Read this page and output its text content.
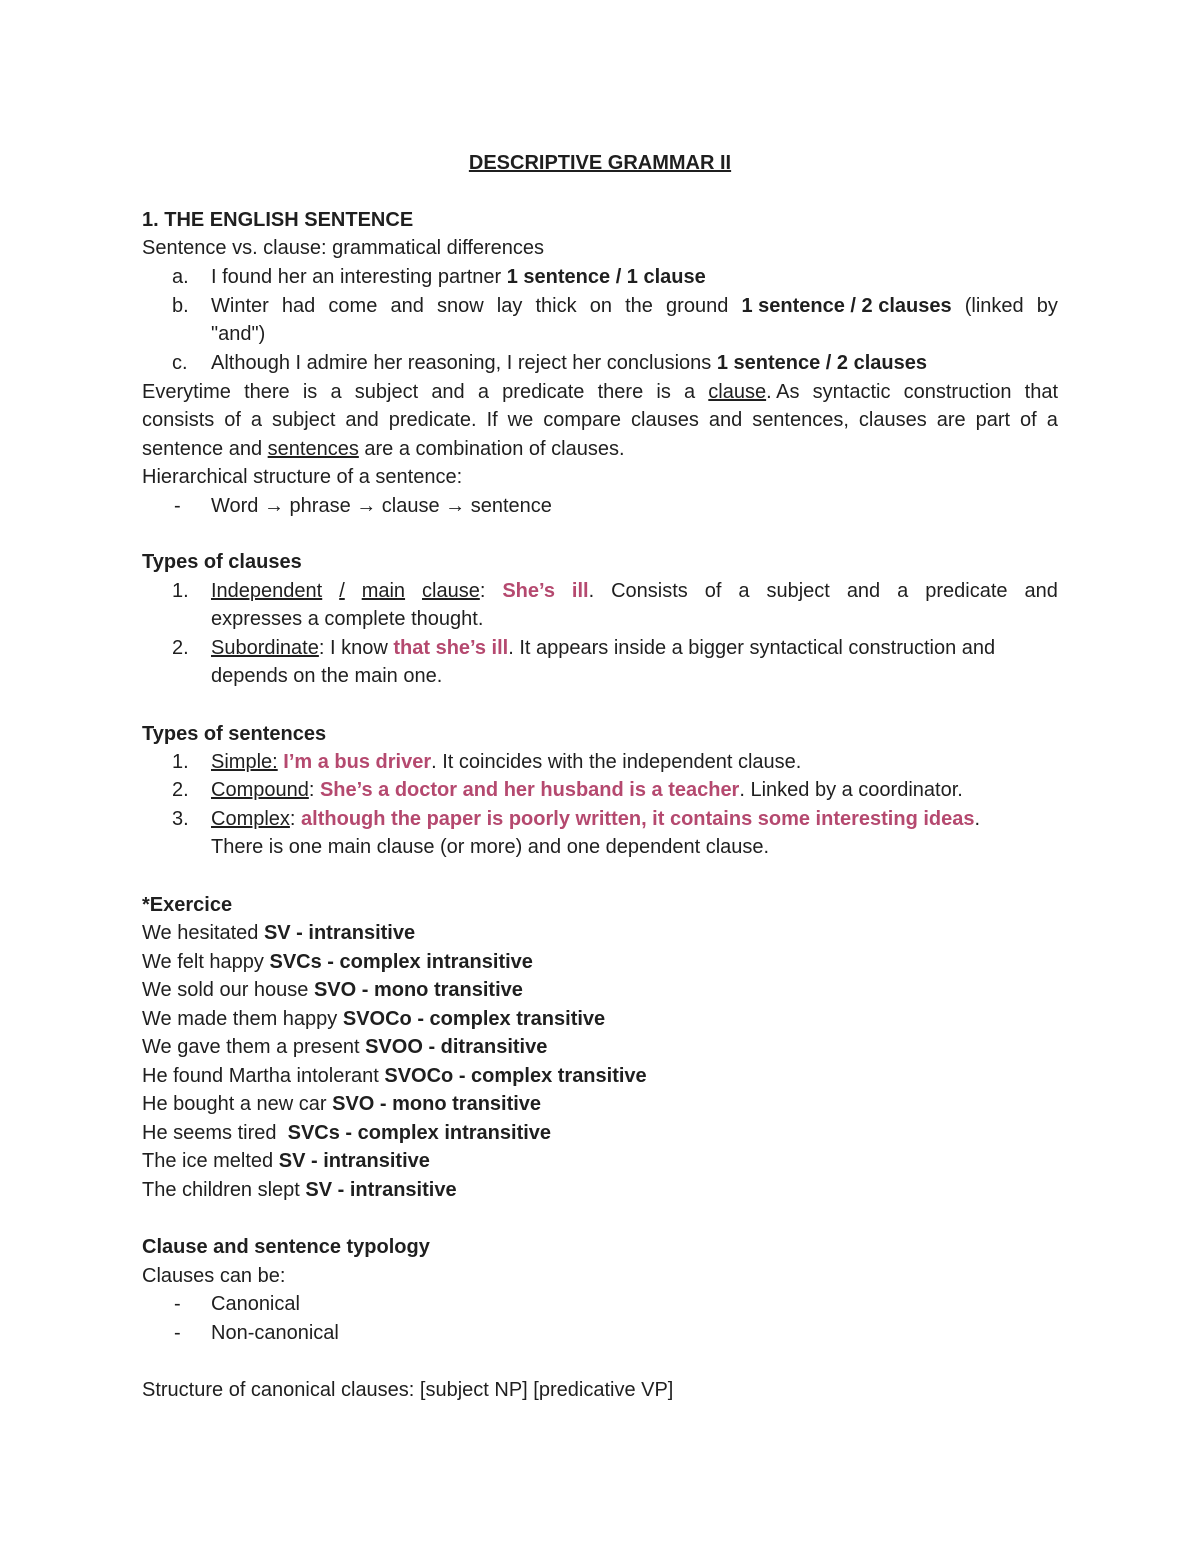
DESCRIPTIVE GRAMMAR II
1. THE ENGLISH SENTENCE
Sentence vs. clause: grammatical differences
a. I found her an interesting partner 1 sentence / 1 clause
b. Winter had come and snow lay thick on the ground 1 sentence / 2 clauses (linked by
"and")
c. Although I admire her reasoning, I reject her conclusions 1 sentence / 2 clauses
Everytime there is a subject and a predicate there is a clause. As syntactic construction that
consists of a subject and predicate. If we compare clauses and sentences, clauses are part of a
sentence and sentences are a combination of clauses.
Hierarchical structure of a sentence:
- Word → phrase → clause → sentence
Types of clauses
1. Independent / main clause: She’s ill. Consists of a subject and a predicate and
expresses a complete thought.
2. Subordinate: I know that she’s ill. It appears inside a bigger syntactical construction and
depends on the main one.
Types of sentences
1. Simple: I’m a bus driver. It coincides with the independent clause.
2. Compound: She’s a doctor and her husband is a teacher. Linked by a coordinator.
3. Complex: although the paper is poorly written, it contains some interesting ideas.
There is one main clause (or more) and one dependent clause.
*Exercice
We hesitated SV - intransitive
We felt happy SVCs - complex intransitive
We sold our house SVO - mono transitive
We made them happy SVOCo - complex transitive
We gave them a present SVOO - ditransitive
He found Martha intolerant SVOCo - complex transitive
He bought a new car SVO - mono transitive
He seems tired  SVCs - complex intransitive
The ice melted SV - intransitive
The children slept SV - intransitive
Clause and sentence typology
Clauses can be:
- Canonical
- Non-canonical
Structure of canonical clauses: [subject NP] [predicative VP]
